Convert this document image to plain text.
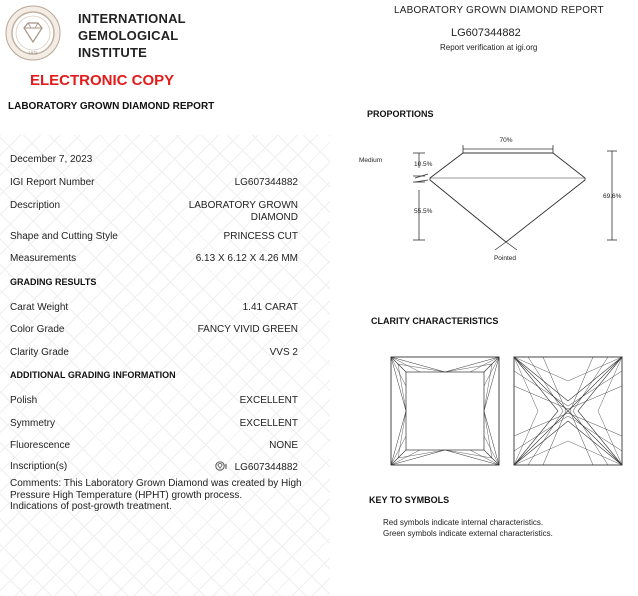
1975
INTERNATIONAL
GEMOLOGICAL
INSTITUTE
ELECTRONIC COPY
LABORATORY GROWN DIAMOND REPORT
LABORATORY GROWN DIAMOND REPORT
LG607344882
Report verification at igi.org
December 7, 2023
IGI Report Number	LG607344882
Description	LABORATORY GROWN
DIAMOND
Shape and Cutting Style	PRINCESS CUT
Measurements	6.13 X 6.12 X 4.26 MM
GRADING RESULTS
Carat Weight	1.41 CARAT
Color Grade	FANCY VIVID GREEN
Clarity Grade	VVS 2
ADDITIONAL GRADING INFORMATION
Polish	EXCELLENT
Symmetry	EXCELLENT
Fluorescence	NONE
Inscription(s)	I LG607344882
Comments: This Laboratory Grown Diamond was created by High Pressure High Temperature (HPHT) growth process.
Indications of post-growth treatment.
PROPORTIONS
70%
Medium
10.5%
55.5%
69.6%
Pointed
CLARITY CHARACTERISTICS
KEY TO SYMBOLS
Red symbols indicate internal characteristics.
Green symbols indicate external characteristics.
